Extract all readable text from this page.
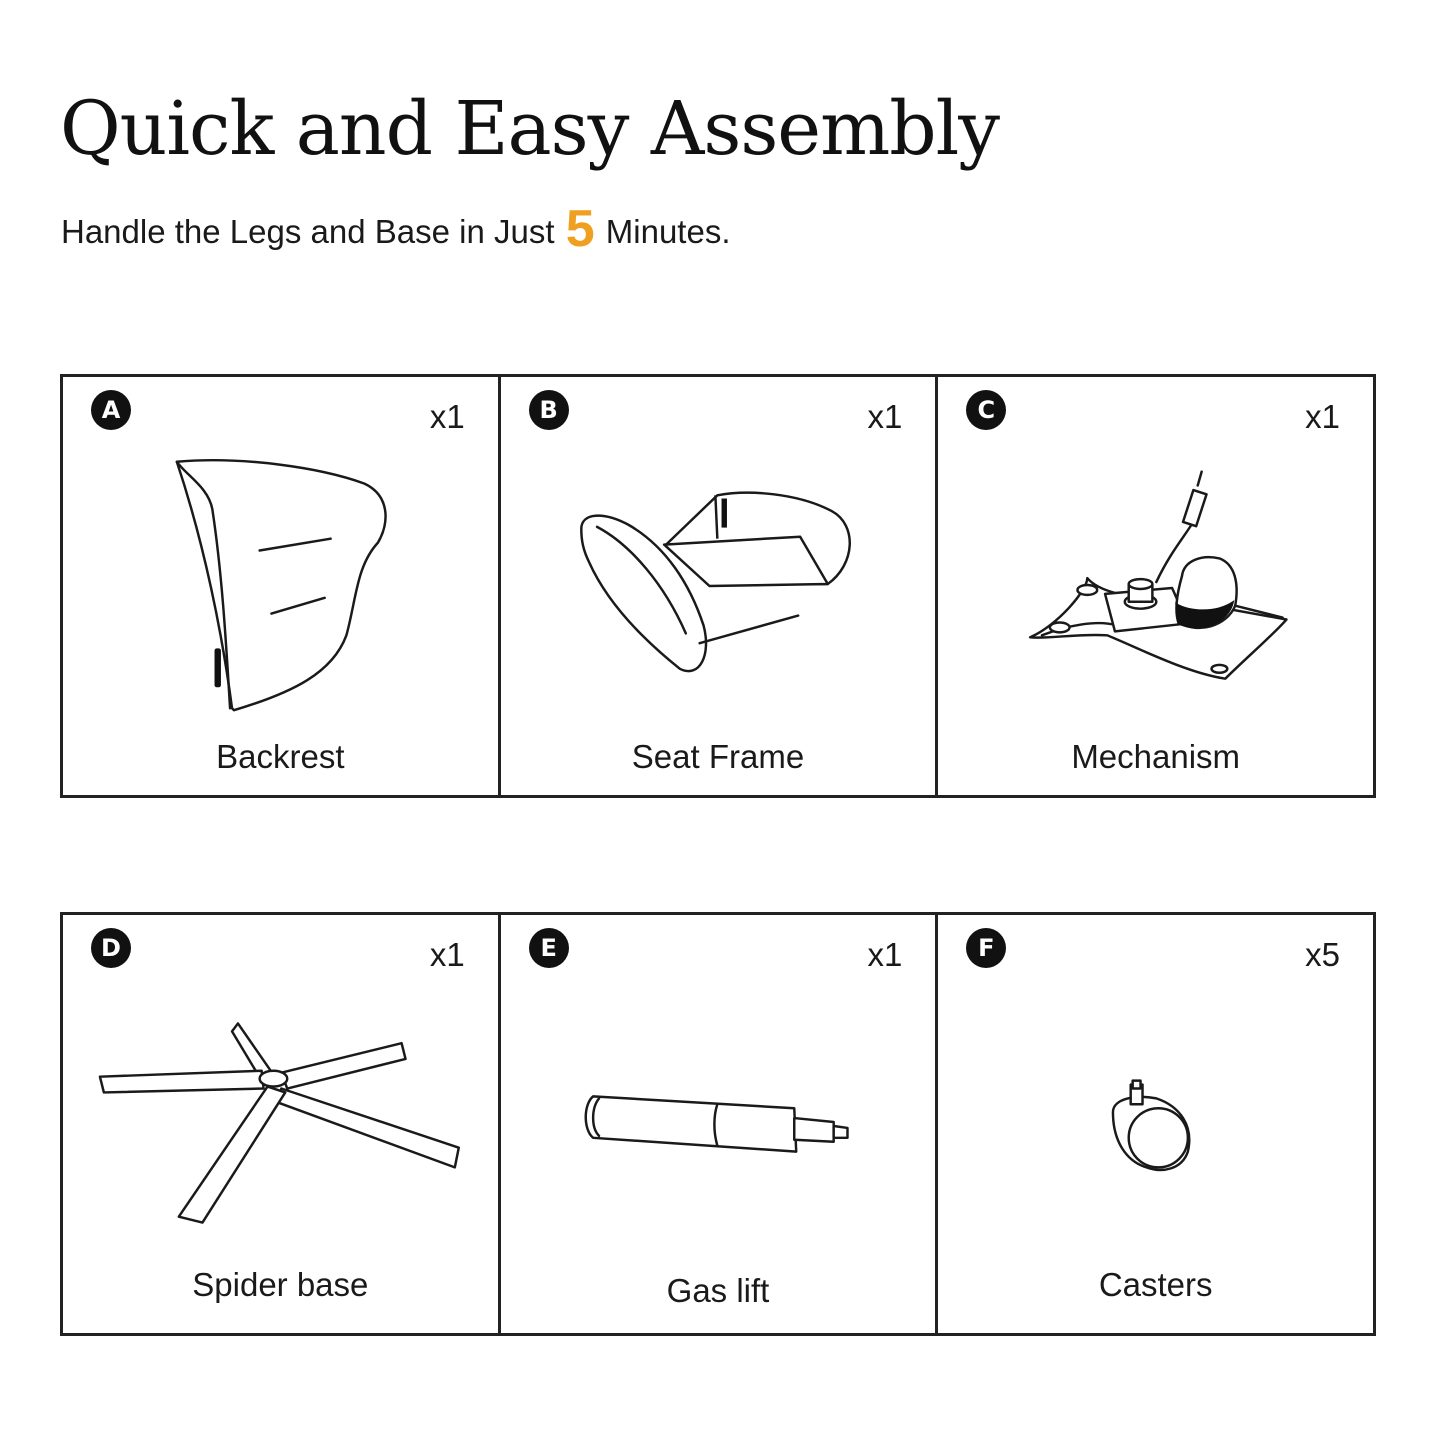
Quick and Easy Assembly

Handle the Legs and Base in Just 5 Minutes.

A	x1
Backrest
B	x1
Seat Frame
C	x1
Mechanism
D	x1
Spider base
E	x1
Gas lift
F	x5
Casters
